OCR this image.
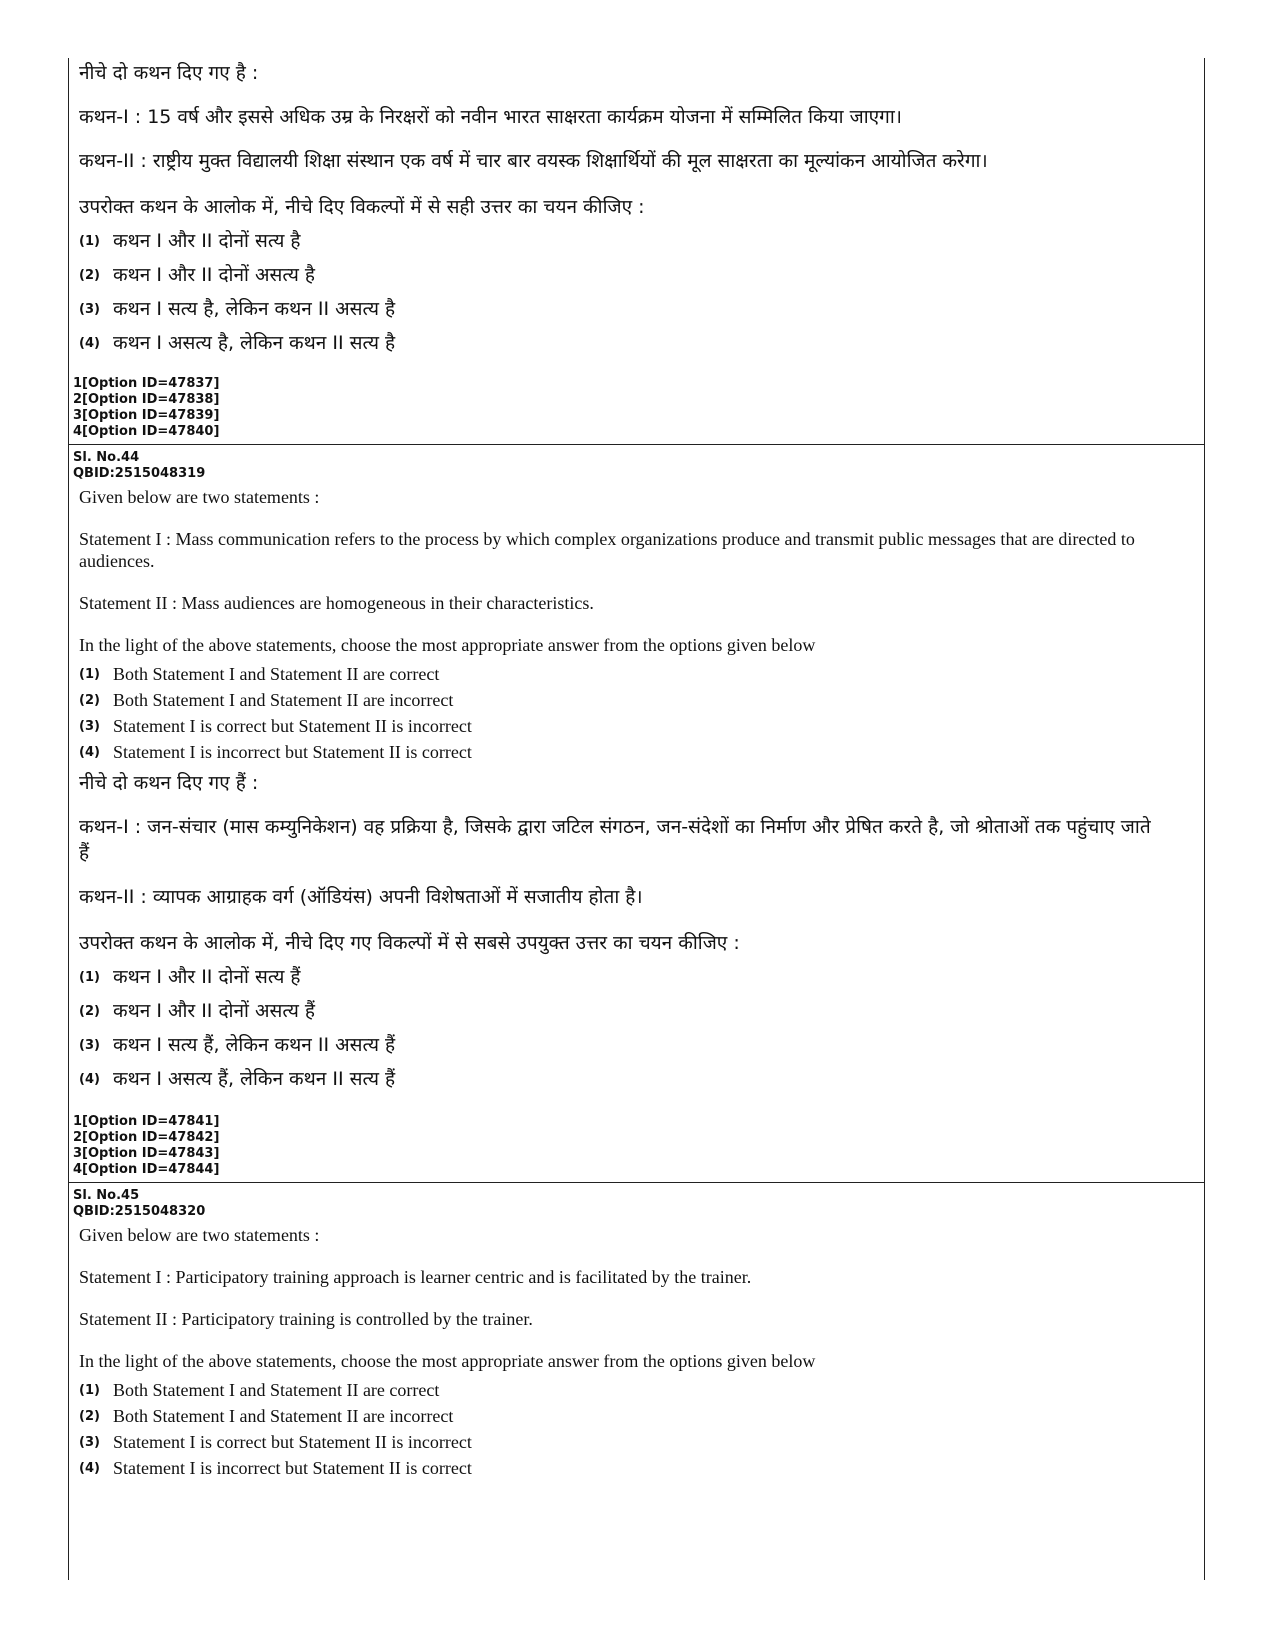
नीचे दो कथन दिए गए है :
कथन-I : 15 वर्ष और इससे अधिक उम्र के निरक्षरों को नवीन भारत साक्षरता कार्यक्रम योजना में सम्मिलित किया जाएगा।
कथन-II : राष्ट्रीय मुक्त विद्यालयी शिक्षा संस्थान एक वर्ष में चार बार वयस्क शिक्षार्थियों की मूल साक्षरता का मूल्यांकन आयोजित करेगा।
उपरोक्त कथन के आलोक में, नीचे दिए विकल्पों में से सही उत्तर का चयन कीजिए :
(1) कथन I और II दोनों सत्य है
(2) कथन I और II दोनों असत्य है
(3) कथन I सत्य है, लेकिन कथन II असत्य है
(4) कथन I असत्य है, लेकिन कथन II सत्य है
1[Option ID=47837]
2[Option ID=47838]
3[Option ID=47839]
4[Option ID=47840]
Sl. No.44
QBID:2515048319
Given below are two statements :
Statement I : Mass communication refers to the process by which complex organizations produce and transmit public messages that are directed to audiences.
Statement II : Mass audiences are homogeneous in their characteristics.
In the light of the above statements, choose the most appropriate answer from the options given below
(1) Both Statement I and Statement II are correct
(2) Both Statement I and Statement II are incorrect
(3) Statement I is correct but Statement II is incorrect
(4) Statement I is incorrect but Statement II is correct
नीचे दो कथन दिए गए हैं :
कथन-I : जन-संचार (मास कम्युनिकेशन) वह प्रक्रिया है, जिसके द्वारा जटिल संगठन, जन-संदेशों का निर्माण और प्रेषित करते है, जो श्रोताओं तक पहुंचाए जाते हैं
कथन-II : व्यापक आग्राहक वर्ग (ऑडियंस) अपनी विशेषताओं में सजातीय होता है।
उपरोक्त कथन के आलोक में, नीचे दिए गए विकल्पों में से सबसे उपयुक्त उत्तर का चयन कीजिए :
(1) कथन I और II दोनों सत्य हैं
(2) कथन I और II दोनों असत्य हैं
(3) कथन I सत्य हैं, लेकिन कथन II असत्य हैं
(4) कथन I असत्य हैं, लेकिन कथन II सत्य हैं
1[Option ID=47841]
2[Option ID=47842]
3[Option ID=47843]
4[Option ID=47844]
Sl. No.45
QBID:2515048320
Given below are two statements :
Statement I : Participatory training approach is learner centric and is facilitated by the trainer.
Statement II : Participatory training is controlled by the trainer.
In the light of the above statements, choose the most appropriate answer from the options given below
(1) Both Statement I and Statement II are correct
(2) Both Statement I and Statement II are incorrect
(3) Statement I is correct but Statement II is incorrect
(4) Statement I is incorrect but Statement II is correct
